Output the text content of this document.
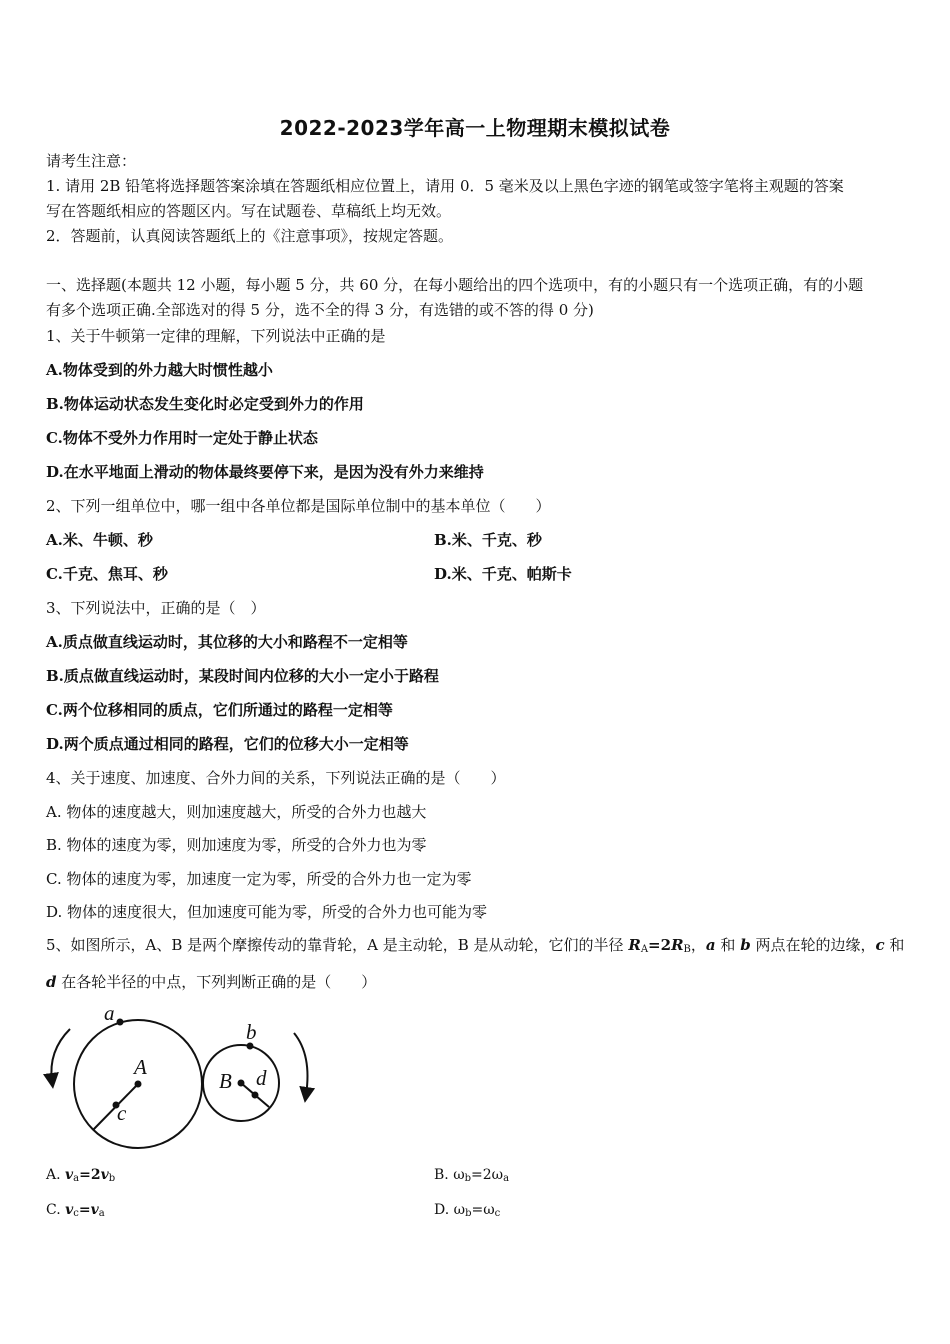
2022-2023学年高一上物理期末模拟试卷
请考生注意：
1. 请用 2B 铅笔将选择题答案涂填在答题纸相应位置上，请用 0．5 毫米及以上黑色字迹的钢笔或签字笔将主观题的答案
写在答题纸相应的答题区内。写在试题卷、草稿纸上均无效。
2．答题前，认真阅读答题纸上的《注意事项》，按规定答题。
一、选择题(本题共 12 小题，每小题 5 分，共 60 分，在每小题给出的四个选项中，有的小题只有一个选项正确，有的小题
有多个选项正确.全部选对的得 5 分，选不全的得 3 分，有选错的或不答的得 0 分)
1、关于牛顿第一定律的理解，下列说法中正确的是
A.物体受到的外力越大时惯性越小
B.物体运动状态发生变化时必定受到外力的作用
C.物体不受外力作用时一定处于静止状态
D.在水平地面上滑动的物体最终要停下来，是因为没有外力来维持
2、下列一组单位中，哪一组中各单位都是国际单位制中的基本单位（　　）
A.米、牛顿、秒	B.米、千克、秒
C.千克、焦耳、秒	D.米、千克、帕斯卡
3、下列说法中，正确的是（　）
A.质点做直线运动时，其位移的大小和路程不一定相等
B.质点做直线运动时，某段时间内位移的大小一定小于路程
C.两个位移相同的质点，它们所通过的路程一定相等
D.两个质点通过相同的路程，它们的位移大小一定相等
4、关于速度、加速度、合外力间的关系，下列说法正确的是（　　）
A. 物体的速度越大，则加速度越大，所受的合外力也越大
B. 物体的速度为零，则加速度为零，所受的合外力也为零
C. 物体的速度为零，加速度一定为零，所受的合外力也一定为零
D. 物体的速度很大，但加速度可能为零，所受的合外力也可能为零
5、如图所示，A、B 是两个摩擦传动的靠背轮，A 是主动轮，B 是从动轮，它们的半径 $R_A=2R_B$，a 和 b 两点在轮的边缘，c 和
d 在各轮半径的中点，下列判断正确的是（　　）
a
A
c
b
B d
A. $v_a=2v_b$	B. $\omega_b=2\omega_a$
C. $v_c=v_a$	D. $\omega_b=\omega_c$
